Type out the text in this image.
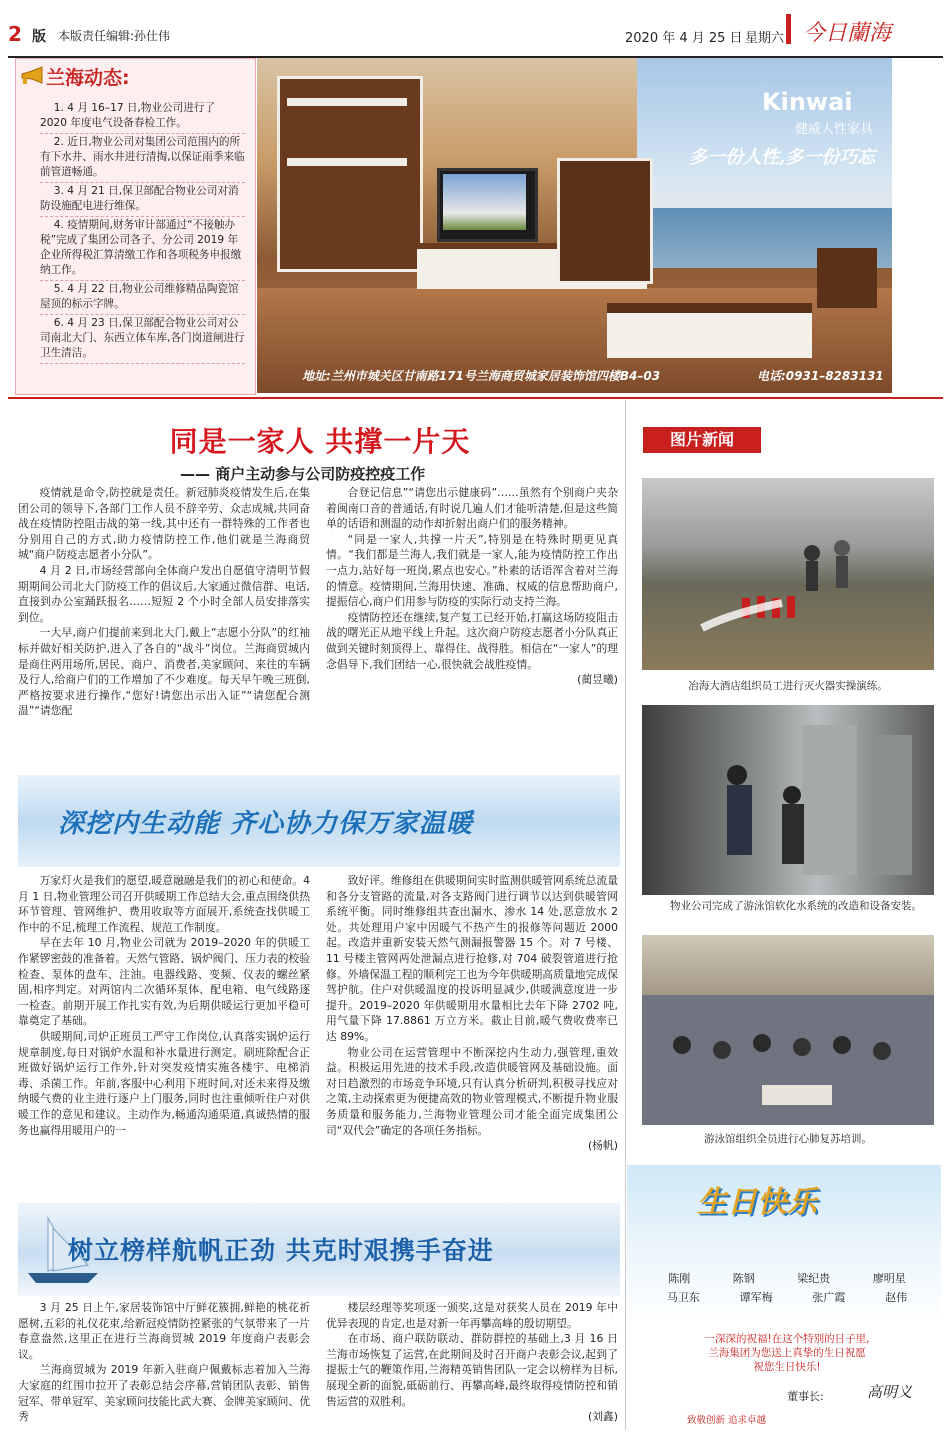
2 版 本版责任编辑:孙仕伟	2020 年 4 月 25 日 星期六 今日蘭海
兰海动态:

1. 4 月 16–17 日,物业公司进行了 2020 年度电气设备春检工作。

2. 近日,物业公司对集团公司范围内的所有下水井、雨水井进行清掏,以保证雨季来临前管道畅通。

3. 4 月 21 日,保卫部配合物业公司对消防设施配电进行维保。

4. 疫情期间,财务审计部通过“不接触办税”完成了集团公司各子、分公司 2019 年企业所得税汇算清缴工作和各项税务申报缴纳工作。

5. 4 月 22 日,物业公司维修精品陶瓷馆屋顶的标示字牌。

6. 4 月 23 日,保卫部配合物业公司对公司南北大门、东西立体车库,各门岗道闸进行卫生清洁。

Kinwai
健威人性家具
多一份人性,多一份巧忘
地址:兰州市城关区甘南路171号兰海商贸城家居装饰馆四楼B4–03	电话:0931–8283131
同是一家人 共撑一片天
—— 商户主动参与公司防疫控疫工作

疫情就是命令,防控就是责任。新冠肺炎疫情发生后,在集团公司的领导下,各部门工作人员不辞辛劳、众志成城,共同奋战在疫情防控阻击战的第一线,其中还有一群特殊的工作者也分别用自己的方式,助力疫情防控工作,他们就是兰海商贸城“商户防疫志愿者小分队”。

4 月 2 日,市场经营部向全体商户发出自愿值守清明节假期期间公司北大门防疫工作的倡议后,大家通过微信群、电话,直接到办公室踊跃报名……短短 2 个小时全部人员安排落实到位。

一大早,商户们提前来到北大门,戴上“志愿小分队”的红袖标并做好相关防护,进入了各自的“战斗”岗位。兰海商贸城内是商住两用场所,居民、商户、消费者,美家顾问、来往的车辆及行人,给商户们的工作增加了不少难度。每天早午晚三班倒,严格按要求进行操作,“您好!请您出示出入证”“请您配合测温”“请您配

合登记信息”“请您出示健康码”……虽然有个别商户夹杂着闽南口音的普通话,有时说几遍人们才能听清楚,但是这些简单的话语和测温的动作却折射出商户们的服务精神。

“同是一家人,共撑一片天”,特别是在特殊时期更见真情。“我们都是兰海人,我们就是一家人,能为疫情防控工作出一点力,站好每一班岗,累点也安心。”朴素的话语浑含着对兰海的情意。疫情期间,兰海用快速、准确、权威的信息帮助商户,提振信心,商户们用参与防疫的实际行动支持兰海。

疫情防控还在继续,复产复工已经开始,打赢这场防疫阻击战的曙光正从地平线上升起。这次商户防疫志愿者小分队真正做到关键时刻顶得上、靠得住、战得胜。相信在“一家人”的理念倡导下,我们团结一心,很快就会战胜疫情。

(蔺昱曦)
深挖内生动能 齐心协力保万家温暖

万家灯火是我们的愿望,暖意融融是我们的初心和使命。4 月 1 日,物业管理公司召开供暖期工作总结大会,重点围绕供热环节管理、管网维护、费用收取等方面展开,系统查找供暖工作中的不足,梳理工作流程、规范工作制度。

早在去年 10 月,物业公司就为 2019–2020 年的供暖工作紧锣密鼓的准备着。天然气管路、锅炉阀门、压力表的校验检查、泵体的盘车、注油。电器线路、变频、仪表的螺丝紧固,相序判定。对两馆内二次循环泵体、配电箱、电气线路逐一检查。前期开展工作扎实有效,为后期供暖运行更加平稳可靠奠定了基础。

供暖期间,司炉正班员工严守工作岗位,认真落实锅炉运行规章制度,每日对锅炉水温和补水量进行测定。刷班除配合正班做好锅炉运行工作外,针对突发疫情实施各楼宇、电梯消毒、杀菌工作。年前,客服中心利用下班时间,对还未来得及缴纳暖气费的业主进行逐户上门服务,同时也注重倾听住户对供暖工作的意见和建议。主动作为,畅通沟通渠道,真诚热情的服务也赢得用暖用户的一

致好评。维修组在供暖期间实时监测供暖管网系统总流量和各分支管路的流量,对各支路阀门进行调节以达到供暖管网系统平衡。同时维修组共查出漏水、渗水 14 处,恶意放水 2 处。共处理用户家中因暖气不热产生的报修等问题近 2000 起。改造并重新安装天然气测漏报警器 15 个。对 7 号楼、11 号楼主管网两处泄漏点进行抢修,对 704 破裂管道进行抢修。外墙保温工程的顺利完工也为今年供暖期高质量地完成保驾护航。住户对供暖温度的投诉明显减少,供暖满意度进一步提升。2019–2020 年供暖期用水量相比去年下降 2702 吨,用气量下降 17.8861 万立方米。截止目前,暖气费收费率已达 89%。

物业公司在运营管理中不断深挖内生动力,强管理,重效益。积极运用先进的技术手段,改造供暖管网及基础设施。面对日趋激烈的市场竞争环境,只有认真分析研判,积极寻找应对之策,主动探索更为便捷高效的物业管理模式,不断提升物业服务质量和服务能力,兰海物业管理公司才能全面完成集团公司“双代会”确定的各项任务指标。

(杨帆)
树立榜样航帆正劲 共克时艰携手奋进

3 月 25 日上午,家居装饰馆中厅鲜花簇拥,鲜艳的桃花祈愿树,五彩的礼仪花束,给新冠疫情防控紧张的气氛带来了一片春意盎然,这里正在进行兰海商贸城 2019 年度商户表彰会议。

兰海商贸城为 2019 年新入驻商户佩戴标志着加入兰海大家庭的红围巾拉开了表彰总结会序幕,营销团队表彰、销售冠军、带单冠军、美家顾问技能比武大赛、金牌美家顾问、优秀

楼层经理等奖项逐一颁奖,这是对获奖人员在 2019 年中优异表现的肯定,也是对新一年再攀高峰的殷切期望。

在市场、商户联防联动、群防群控的基础上,3 月 16 日兰海市场恢复了运营,在此期间及时召开商户表彰会议,起到了提振士气的鞭策作用,兰海精英销售团队一定会以榜样为目标,展现全新的面貌,砥砺前行、再攀高峰,最终取得疫情防控和销售运营的双胜利。

(刘鑫)
图片新闻
冶海大酒店组织员工进行灭火器实操演练。
物业公司完成了游泳馆软化水系统的改造和设备安装。
游泳馆组织全员进行心肺复苏培训。
生日快乐
陈刚	陈钢	梁纪贵	廖明星
马卫东	谭军梅	张广霞	赵伟
一深深的祝福!在这个特别的日子里,
兰海集团为您送上真挚的生日祝愿
祝您生日快乐!
董事长:	高明义
致敬创新 追求卓越
